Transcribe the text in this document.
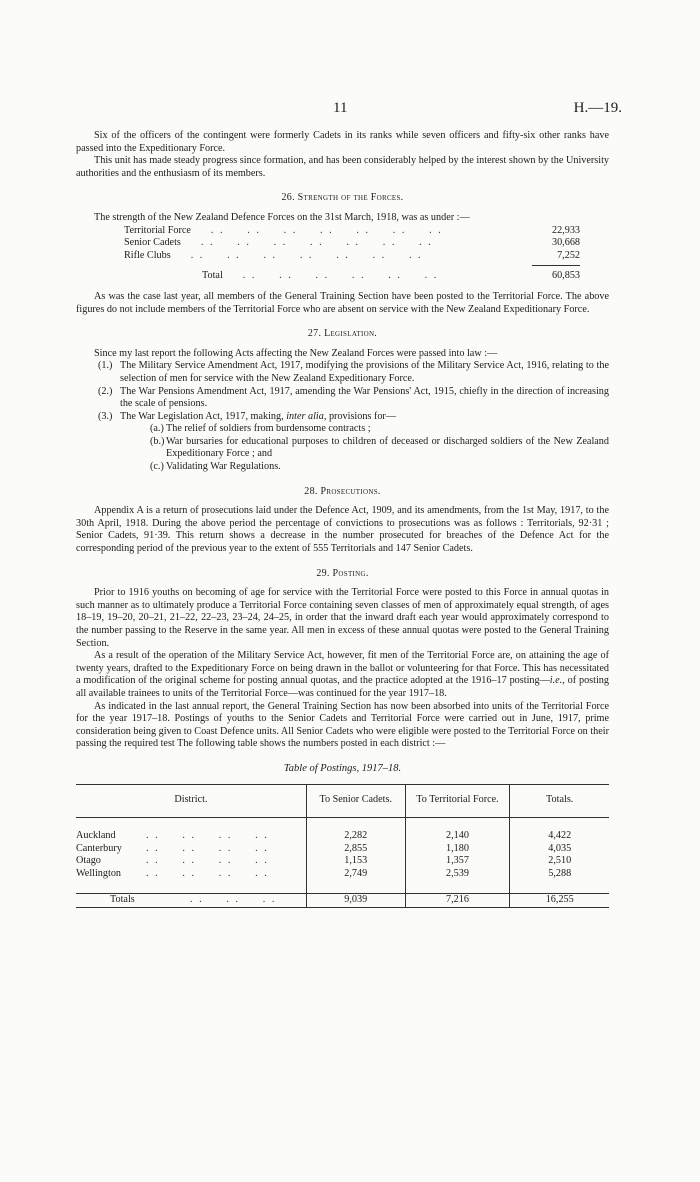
11	H.—19.

Six of the officers of the contingent were formerly Cadets in its ranks while seven officers and fifty-six other ranks have passed into the Expeditionary Force.

This unit has made steady progress since formation, and has been considerably helped by the interest shown by the University authorities and the enthusiasm of its members.

26. Strength of the Forces.

The strength of the New Zealand Defence Forces on the 31st March, 1918, was as under :—

Territorial Force	. .     . .     . .     . .     . .     . .     . .	22,933
Senior Cadets	. .     . .     . .     . .     . .     . .     . .	30,668
Rifle Clubs	. .     . .     . .     . .     . .     . .     . .	7,252
Total	. .     . .     . .     . .     . .     . .	60,853

As was the case last year, all members of the General Training Section have been posted to the Territorial Force. The above figures do not include members of the Territorial Force who are absent on service with the New Zealand Expeditionary Force.

27. Legislation.

Since my last report the following Acts affecting the New Zealand Forces were passed into law :—

(1.) The Military Service Amendment Act, 1917, modifying the provisions of the Military Service Act, 1916, relating to the selection of men for service with the New Zealand Expeditionary Force.
(2.) The War Pensions Amendment Act, 1917, amending the War Pensions' Act, 1915, chiefly in the direction of increasing the scale of pensions.
(3.) The War Legislation Act, 1917, making, inter alia, provisions for—
(a.) The relief of soldiers from burdensome contracts ;
(b.) War bursaries for educational purposes to children of deceased or discharged soldiers of the New Zealand Expeditionary Force ; and
(c.) Validating War Regulations.
28. Prosecutions.

Appendix A is a return of prosecutions laid under the Defence Act, 1909, and its amendments, from the 1st May, 1917, to the 30th April, 1918. During the above period the percentage of convictions to prosecutions was as follows : Territorials, 92·31 ; Senior Cadets, 91·39. This return shows a decrease in the number prosecuted for breaches of the Defence Act for the corresponding period of the previous year to the extent of 555 Territorials and 147 Senior Cadets.

29. Posting.

Prior to 1916 youths on becoming of age for service with the Territorial Force were posted to this Force in annual quotas in such manner as to ultimately produce a Territorial Force containing seven classes of men of approximately equal strength, of ages 18–19, 19–20, 20–21, 21–22, 22–23, 23–24, 24–25, in order that the inward draft each year would approximately correspond to the number passing to the Reserve in the same year. All men in excess of these annual quotas were posted to the General Training Section.

As a result of the operation of the Military Service Act, however, fit men of the Territorial Force are, on attaining the age of twenty years, drafted to the Expeditionary Force on being drawn in the ballot or volunteering for that Force. This has necessitated a modification of the original scheme for posting annual quotas, and the practice adopted at the 1916–17 posting—i.e., of posting all available trainees to units of the Territorial Force—was continued for the year 1917–18.

As indicated in the last annual report, the General Training Section has now been absorbed into units of the Territorial Force for the year 1917–18. Postings of youths to the Senior Cadets and Territorial Force were carried out in June, 1917, prime consideration being given to Coast Defence units. All Senior Cadets who were eligible were posted to the Territorial Force on their passing the required test The following table shows the numbers posted in each district :—

Table of Postings, 1917–18.
District.	To Senior Cadets.	To Territorial Force.	Totals.

Auckland . .     . .     . .     . .	2,282	2,140	4,422
Canterbury . .     . .     . .     . .	2,855	1,180	4,035
Otago . .     . .     . .     . .	1,153	1,357	2,510
Wellington . .     . .     . .     . .	2,749	2,539	5,288

Totals . .     . .     . .	9,039	7,216	16,255
